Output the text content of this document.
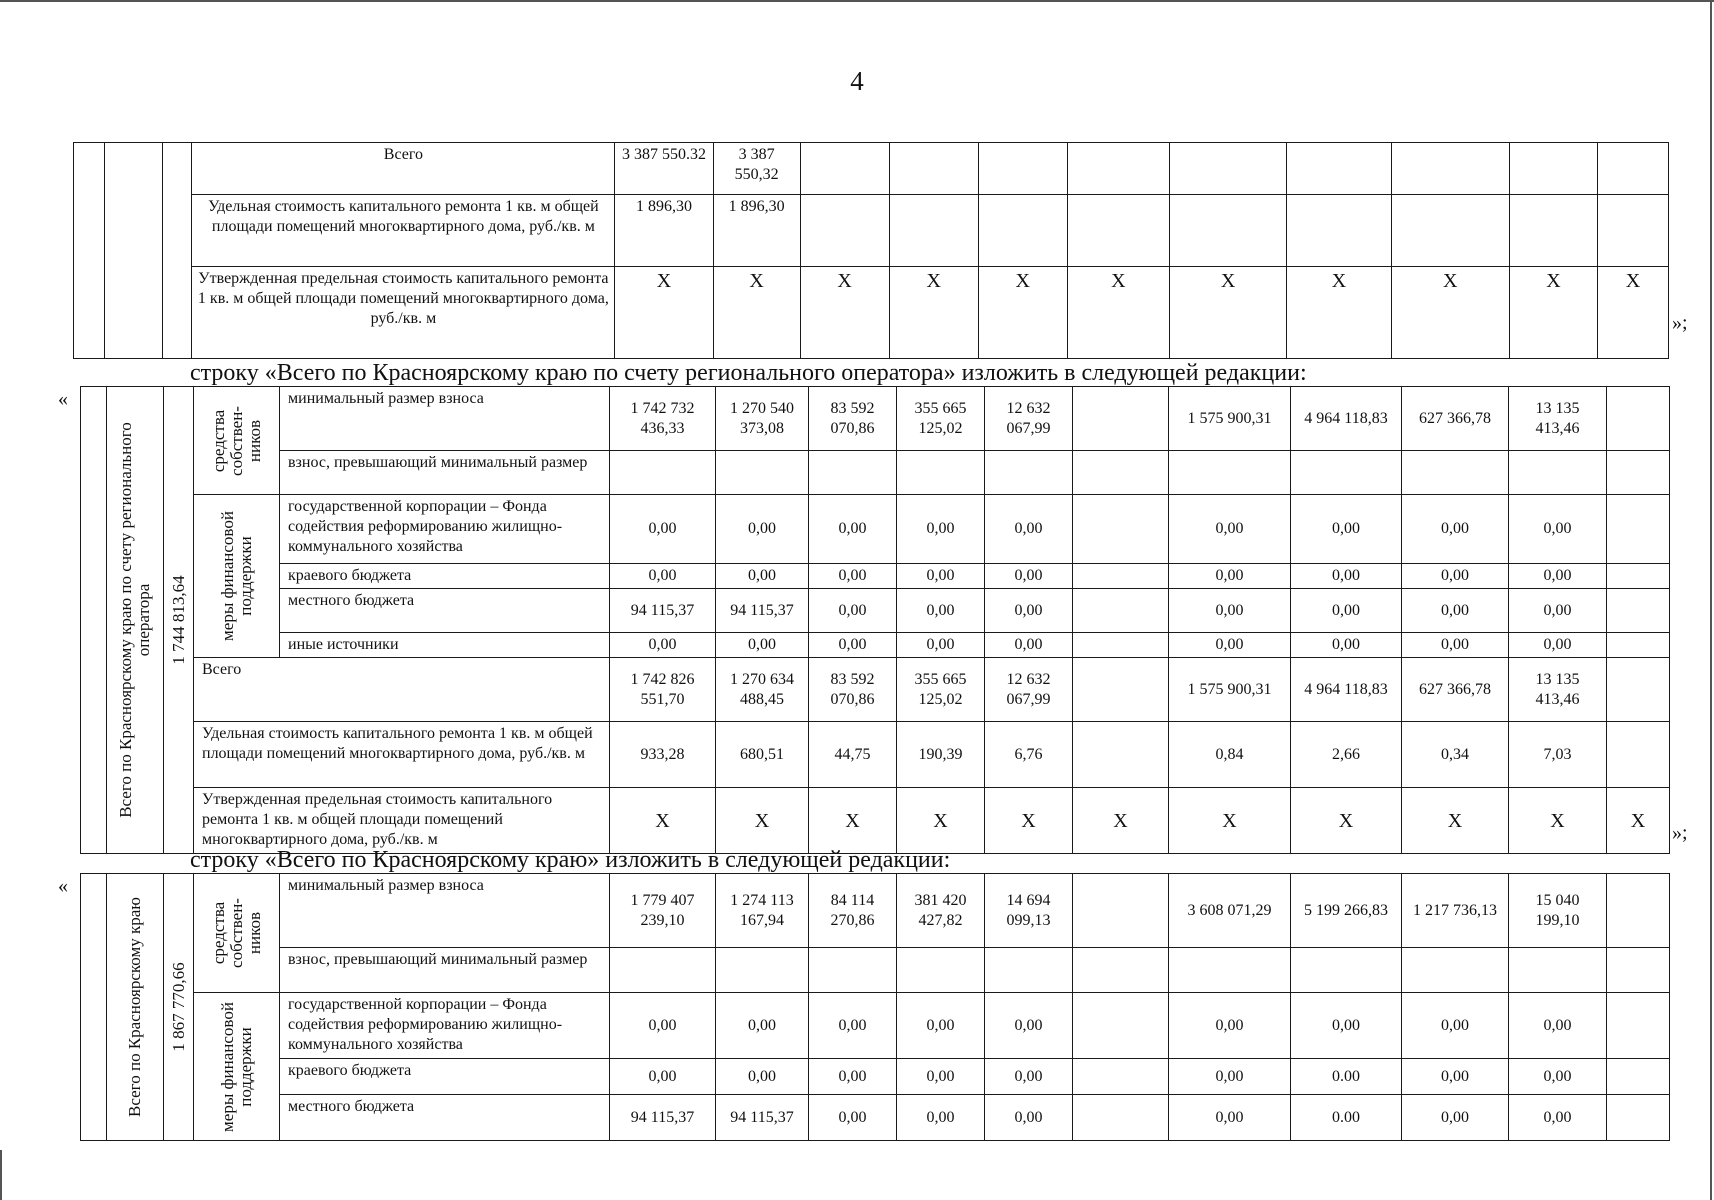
4
			Всего	3 387 550.32	3 387 550,32									
			Удельная стоимость капитального ремонта 1 кв. м общей площади помещений многоквартирного дома, руб./кв. м	1 896,30	1 896,30									
			Утвержденная предельная стоимость капитального ремонта 1 кв. м общей площади помещений многоквартирного дома, руб./кв. м	X	X	X	X	X	X	X	X	X	X	X
»;
строку «Всего по Красноярскому краю по счету регионального оператора» изложить в следующей редакции:
«

	Всего по Красноярскому краю по счету регионального оператора	1 744 813,64	средства собствен-ников	минимальный размер взноса	1 742 732 436,33	1 270 540 373,08	83 592 070,86	355 665 125,02	12 632 067,99		1 575 900,31	4 964 118,83	627 366,78	13 135 413,46	
				взнос, превышающий минимальный размер											

			меры финансовой поддержки	государственной корпорации – Фонда содействия реформированию жилищно-коммунального хозяйства	0,00	0,00	0,00	0,00	0,00		0,00	0,00	0,00	0,00	
				краевого бюджета	0,00	0,00	0,00	0,00	0,00		0,00	0,00	0,00	0,00	
				местного бюджета	94 115,37	94 115,37	0,00	0,00	0,00		0,00	0,00	0,00	0,00	
				иные источники	0,00	0,00	0,00	0,00	0,00		0,00	0,00	0,00	0,00	
			Всего		1 742 826 551,70	1 270 634 488,45	83 592 070,86	355 665 125,02	12 632 067,99		1 575 900,31	4 964 118,83	627 366,78	13 135 413,46	
			Удельная стоимость капитального ремонта 1 кв. м общей площади помещений многоквартирного дома, руб./кв. м		933,28	680,51	44,75	190,39	6,76		0,84	2,66	0,34	7,03	
			Утвержденная предельная стоимость капитального ремонта 1 кв. м общей площади помещений многоквартирного дома, руб./кв. м		X	X	X	X	X	X	X	X	X	X	X
»;
строку «Всего по Красноярскому краю» изложить в следующей редакции:
«

	Всего по Красноярскому краю	1 867 770,66	средства собствен-ников	минимальный размер взноса	1 779 407 239,10	1 274 113 167,94	84 114 270,86	381 420 427,82	14 694 099,13		3 608 071,29	5 199 266,83	1 217 736,13	15 040 199,10	
				взнос, превышающий минимальный размер											

			меры финансовой поддержки	государственной корпорации – Фонда содействия реформированию жилищно-коммунального хозяйства	0,00	0,00	0,00	0,00	0,00		0,00	0,00	0,00	0,00	
				краевого бюджета	0,00	0,00	0,00	0,00	0,00		0,00	0.00	0,00	0,00	
				местного бюджета	94 115,37	94 115,37	0,00	0,00	0,00		0,00	0.00	0,00	0,00	
